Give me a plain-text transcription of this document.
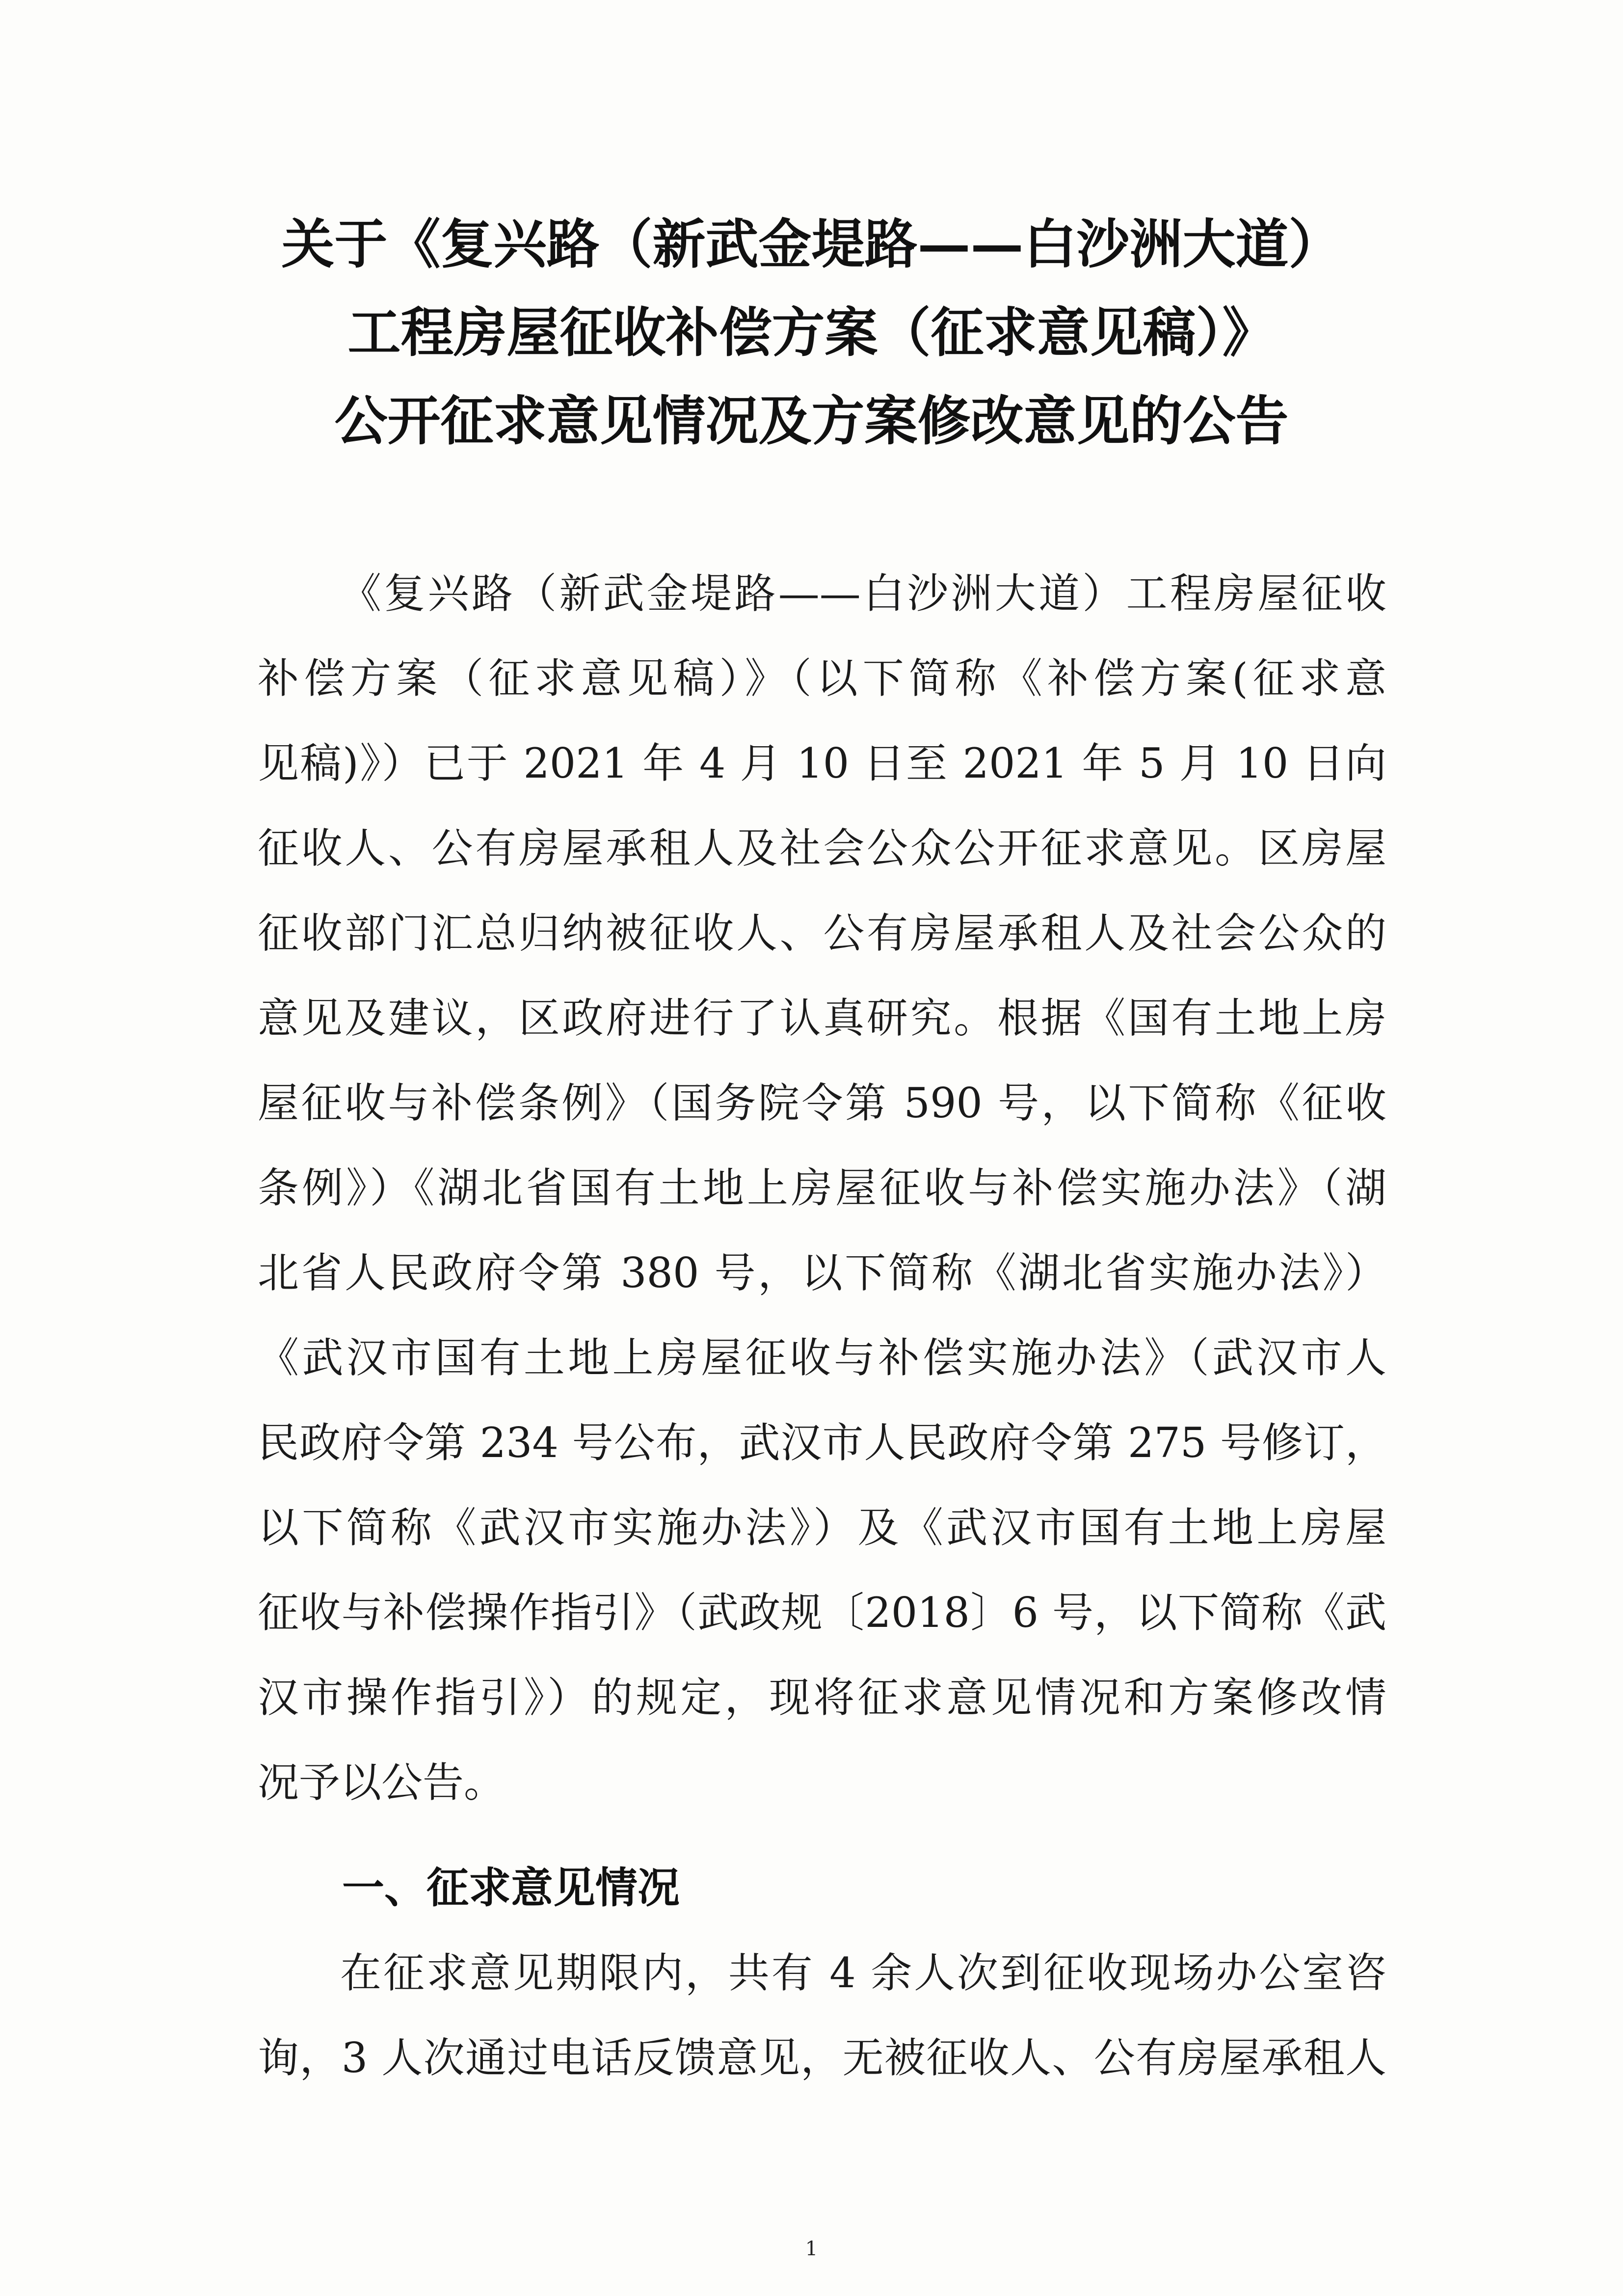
关于《复兴路（新武金堤路——白沙洲大道）
工程房屋征收补偿方案（征求意见稿）》
公开征求意见情况及方案修改意见的公告
《复兴路（新武金堤路——白沙洲大道）工程房屋征收
补偿方案（征求意见稿）》（以下简称《补偿方案(征求意
见稿)》）已于 2021 年 4 月 10 日至 2021 年 5 月 10 日向
征收人、公有房屋承租人及社会公众公开征求意见。区房屋
征收部门汇总归纳被征收人、公有房屋承租人及社会公众的
意见及建议，区政府进行了认真研究。根据《国有土地上房
屋征收与补偿条例》（国务院令第 590 号，以下简称《征收
条例》）《湖北省国有土地上房屋征收与补偿实施办法》（湖
北省人民政府令第 380 号，以下简称《湖北省实施办法》）
《武汉市国有土地上房屋征收与补偿实施办法》（武汉市人
民政府令第 234 号公布，武汉市人民政府令第 275 号修订，
以下简称《武汉市实施办法》）及《武汉市国有土地上房屋
征收与补偿操作指引》（武政规〔2018〕6 号，以下简称《武
汉市操作指引》）的规定，现将征求意见情况和方案修改情
况予以公告。
一、征求意见情况
在征求意见期限内，共有 4 余人次到征收现场办公室咨
询，3 人次通过电话反馈意见，无被征收人、公有房屋承租人
1
